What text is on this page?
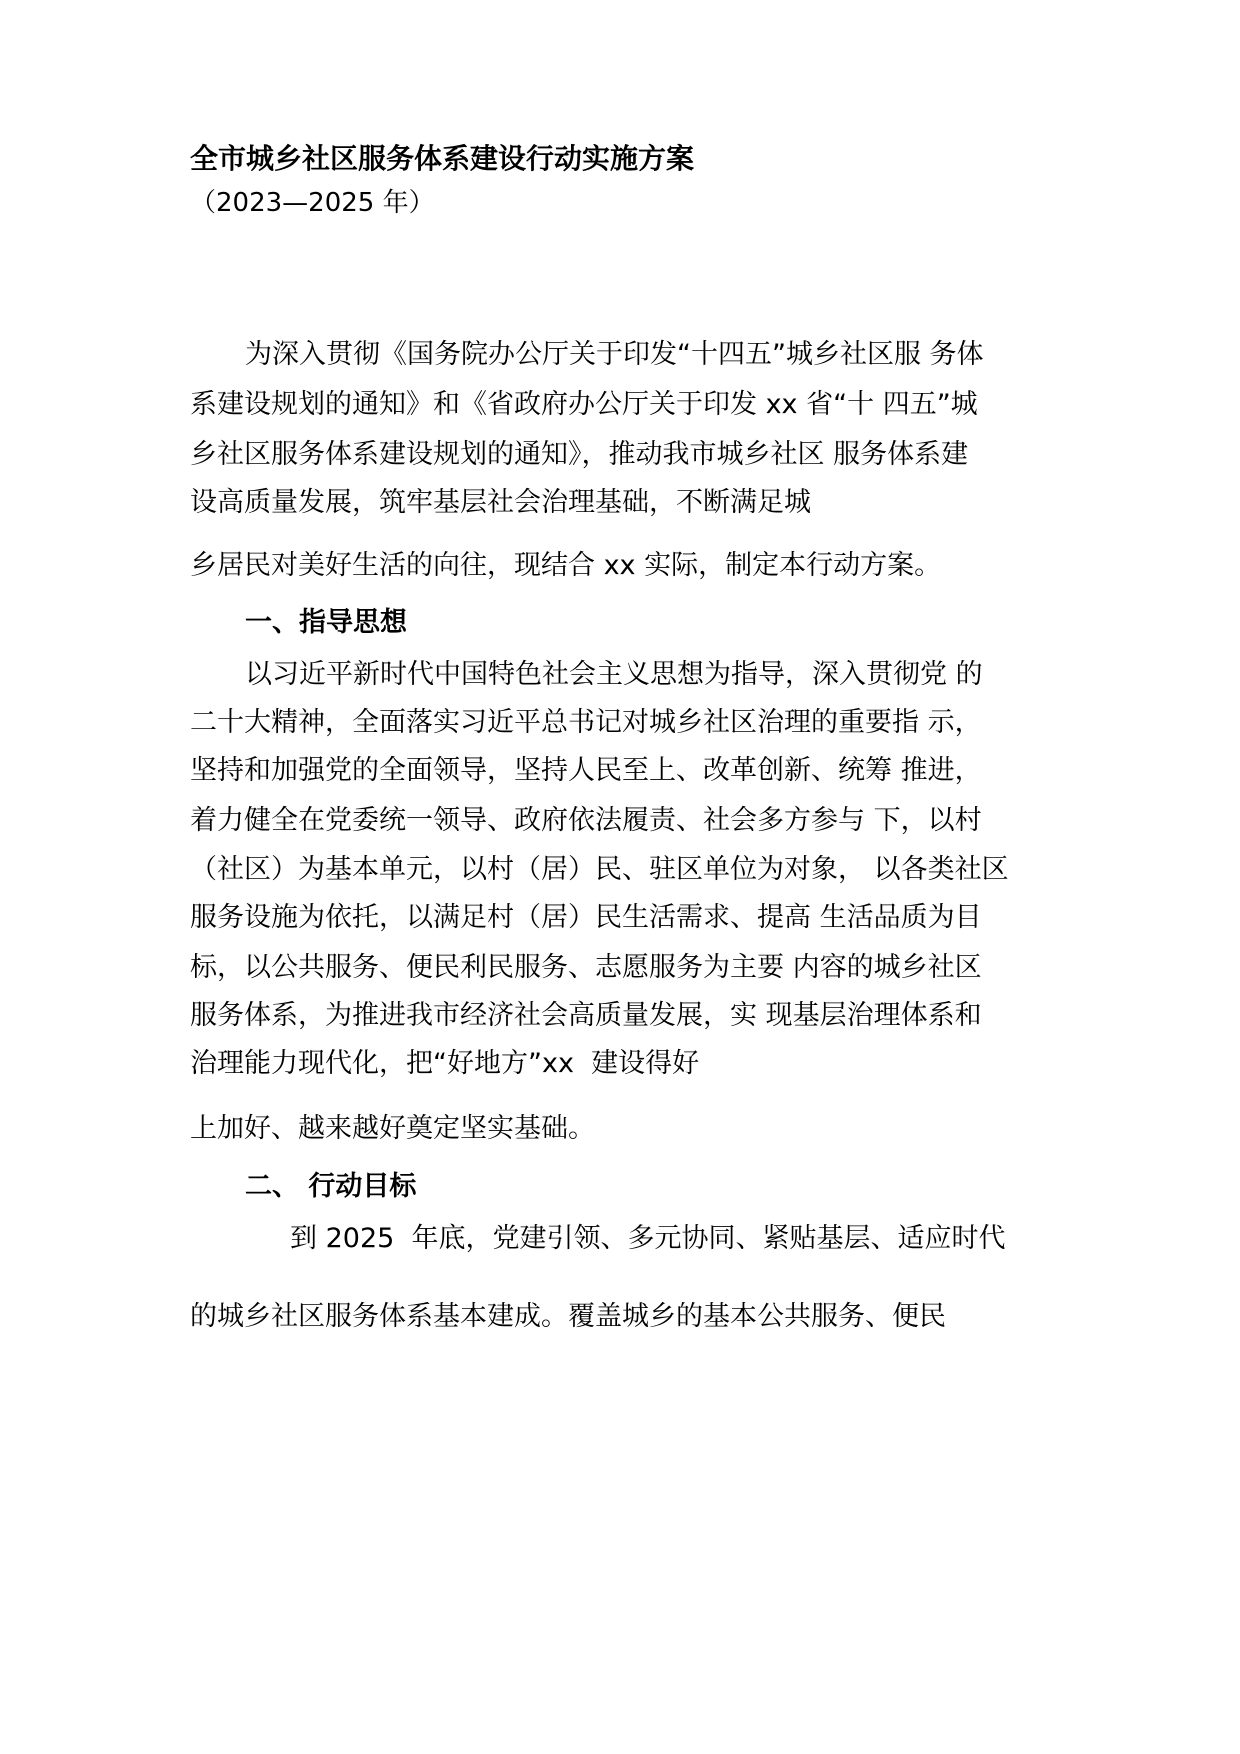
全市城乡社区服务体系建设行动实施方案

（2023—2025 年）

为深入贯彻《国务院办公厅关于印发“十四五”城乡社区服 务体

系建设规划的通知》和《省政府办公厅关于印发 xx 省“十 四五”城

乡社区服务体系建设规划的通知》，推动我市城乡社区 服务体系建

设高质量发展，筑牢基层社会治理基础，不断满足城

乡居民对美好生活的向往，现结合 xx 实际，制定本行动方案。

一、指导思想

以习近平新时代中国特色社会主义思想为指导，深入贯彻党 的

二十大精神，全面落实习近平总书记对城乡社区治理的重要指 示，

坚持和加强党的全面领导，坚持人民至上、改革创新、统筹 推进，

着力健全在党委统一领导、政府依法履责、社会多方参与 下，以村

（社区）为基本单元，以村（居）民、驻区单位为对象， 以各类社区

服务设施为依托，以满足村（居）民生活需求、提高 生活品质为目

标，以公共服务、便民利民服务、志愿服务为主要 内容的城乡社区

服务体系，为推进我市经济社会高质量发展，实 现基层治理体系和

治理能力现代化，把“好地方”xx  建设得好

上加好、越来越好奠定坚实基础。

二、 行动目标

到 2025  年底，党建引领、多元协同、紧贴基层、适应时代

的城乡社区服务体系基本建成。覆盖城乡的基本公共服务、便民
